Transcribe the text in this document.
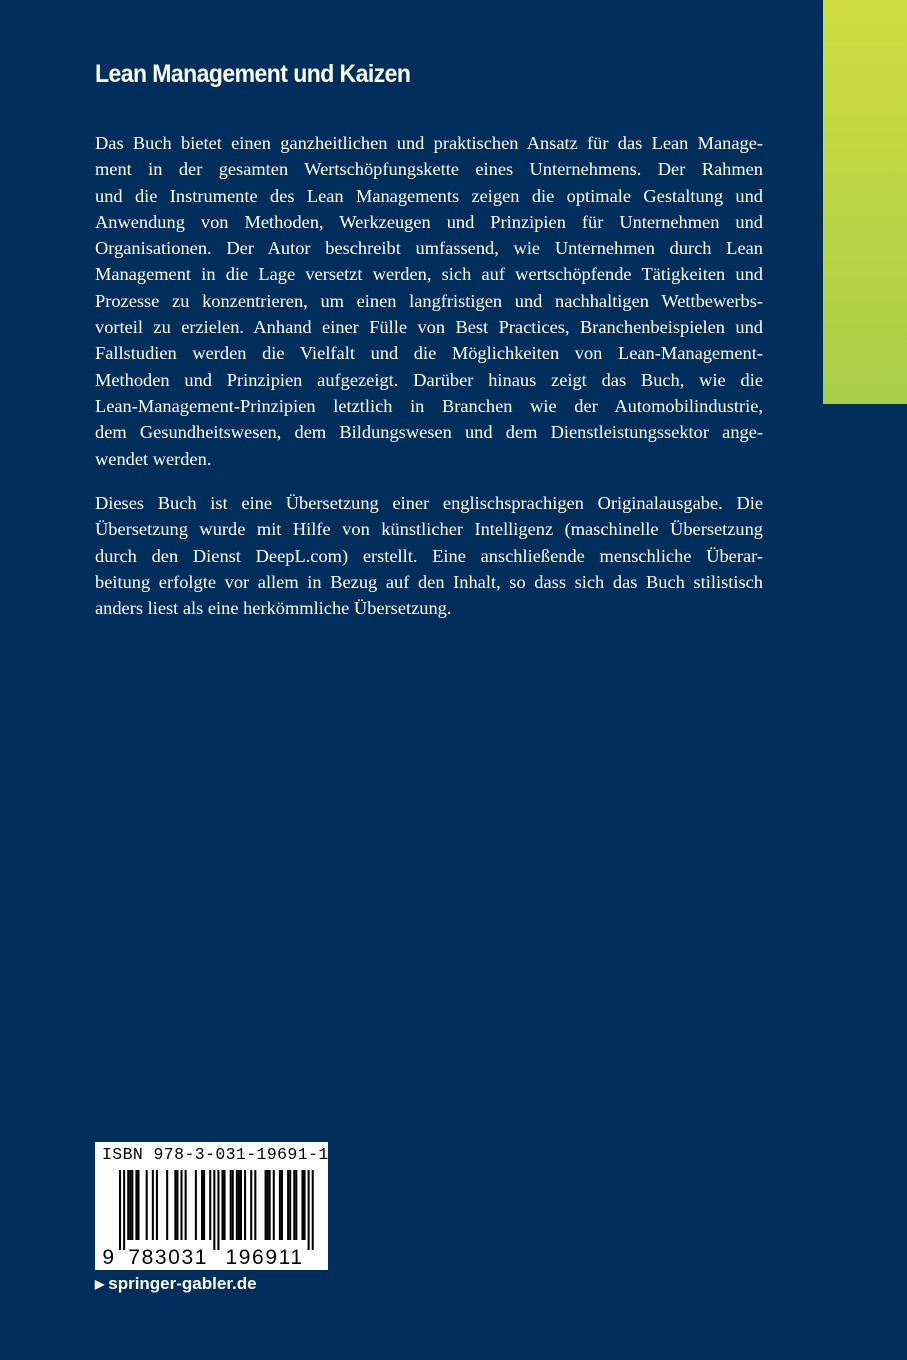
Lean Management und Kaizen
Das Buch bietet einen ganzheitlichen und praktischen Ansatz für das Lean Manage-
ment in der gesamten Wertschöpfungskette eines Unternehmens. Der Rahmen
und die Instrumente des Lean Managements zeigen die optimale Gestaltung und
Anwendung von Methoden, Werkzeugen und Prinzipien für Unternehmen und
Organisationen. Der Autor beschreibt umfassend, wie Unternehmen durch Lean
Management in die Lage versetzt werden, sich auf wertschöpfende Tätigkeiten und
Prozesse zu konzentrieren, um einen langfristigen und nachhaltigen Wettbewerbs-
vorteil zu erzielen. Anhand einer Fülle von Best Practices, Branchenbeispielen und
Fallstudien werden die Vielfalt und die Möglichkeiten von Lean-Management-
Methoden und Prinzipien aufgezeigt. Darüber hinaus zeigt das Buch, wie die
Lean-Management-Prinzipien letztlich in Branchen wie der Automobilindustrie,
dem Gesundheitswesen, dem Bildungswesen und dem Dienstleistungssektor ange-
wendet werden.
Dieses Buch ist eine Übersetzung einer englischsprachigen Originalausgabe. Die
Übersetzung wurde mit Hilfe von künstlicher Intelligenz (maschinelle Übersetzung
durch den Dienst DeepL.com) erstellt. Eine anschließende menschliche Überar-
beitung erfolgte vor allem in Bezug auf den Inhalt, so dass sich das Buch stilistisch
anders liest als eine herkömmliche Übersetzung.
ISBN 978-3-031-19691-1
9 783031 196911
▶ springer-gabler.de
